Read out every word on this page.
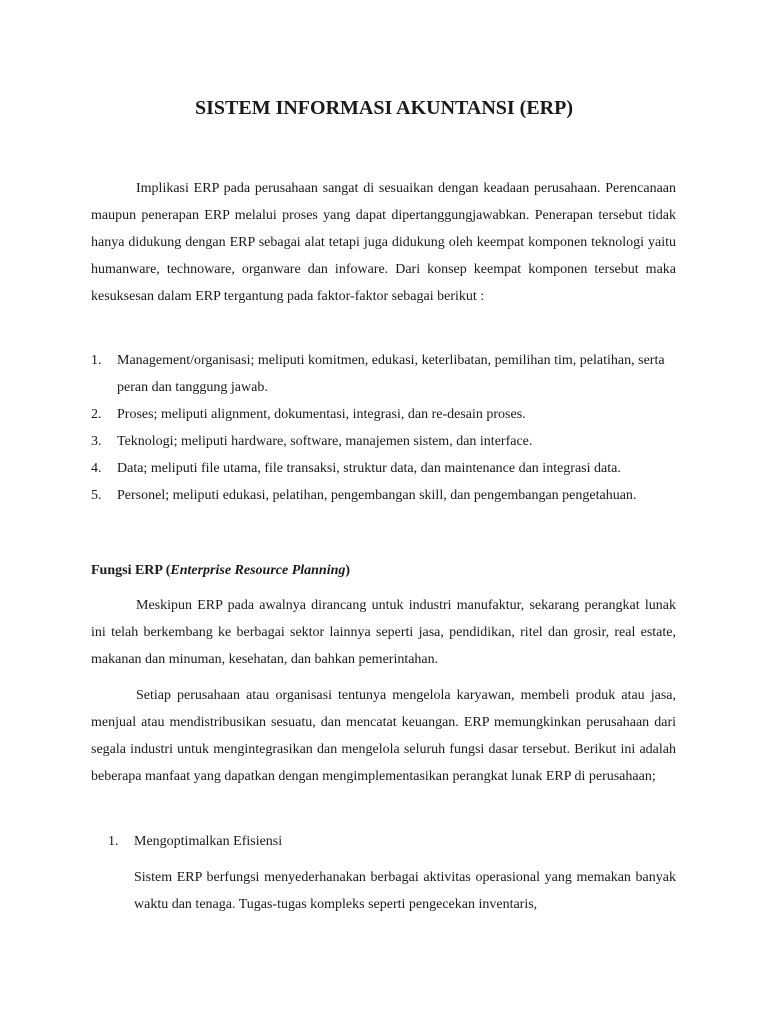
SISTEM INFORMASI AKUNTANSI (ERP)

Implikasi ERP pada perusahaan sangat di sesuaikan dengan keadaan perusahaan. Perencanaan maupun penerapan ERP melalui proses yang dapat dipertanggungjawabkan. Penerapan tersebut tidak hanya didukung dengan ERP sebagai alat tetapi juga didukung oleh keempat komponen teknologi yaitu humanware, technoware, organware dan infoware. Dari konsep keempat komponen tersebut maka kesuksesan dalam ERP tergantung pada faktor-faktor sebagai berikut :

1. Management/organisasi; meliputi komitmen, edukasi, keterlibatan, pemilihan tim, pelatihan, serta peran dan tanggung jawab.
2. Proses; meliputi alignment, dokumentasi, integrasi, dan re-desain proses.
3. Teknologi; meliputi hardware, software, manajemen sistem, dan interface.
4. Data; meliputi file utama, file transaksi, struktur data, dan maintenance dan integrasi data.
5. Personel; meliputi edukasi, pelatihan, pengembangan skill, dan pengembangan pengetahuan.
Fungsi ERP (Enterprise Resource Planning)

Meskipun ERP pada awalnya dirancang untuk industri manufaktur, sekarang perangkat lunak ini telah berkembang ke berbagai sektor lainnya seperti jasa, pendidikan, ritel dan grosir, real estate, makanan dan minuman, kesehatan, dan bahkan pemerintahan.

Setiap perusahaan atau organisasi tentunya mengelola karyawan, membeli produk atau jasa, menjual atau mendistribusikan sesuatu, dan mencatat keuangan. ERP memungkinkan perusahaan dari segala industri untuk mengintegrasikan dan mengelola seluruh fungsi dasar tersebut. Berikut ini adalah beberapa manfaat yang dapatkan dengan mengimplementasikan perangkat lunak ERP di perusahaan;

1. Mengoptimalkan Efisiensi

Sistem ERP berfungsi menyederhanakan berbagai aktivitas operasional yang memakan banyak waktu dan tenaga. Tugas-tugas kompleks seperti pengecekan inventaris,
